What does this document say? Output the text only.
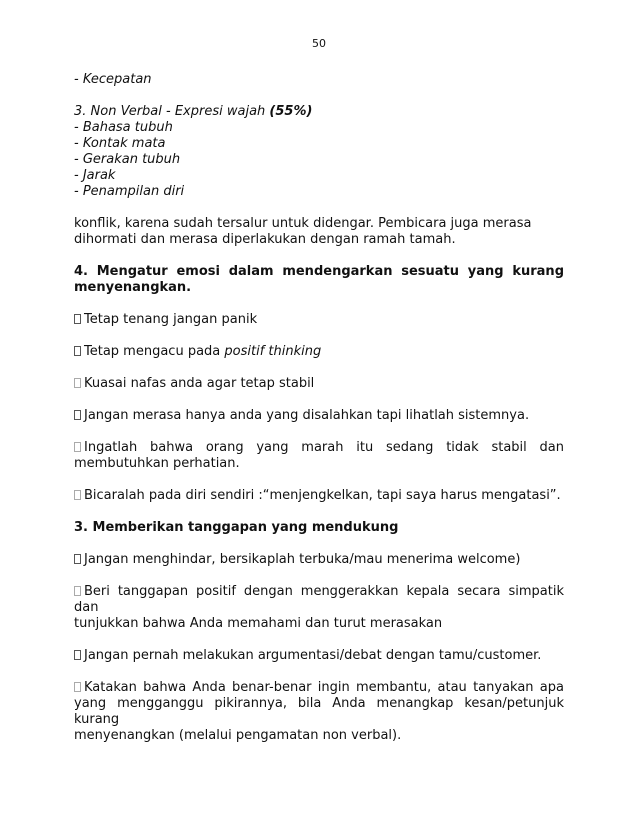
50

- Kecepatan

3. Non Verbal - Expresi wajah (55%)

- Bahasa tubuh

- Kontak mata

- Gerakan tubuh

- Jarak

- Penampilan diri

konflik, karena sudah tersalur untuk didengar. Pembicara juga merasa

dihormati dan merasa diperlakukan dengan ramah tamah.

4. Mengatur emosi dalam mendengarkan sesuatu yang kurang

menyenangkan.

Tetap tenang jangan panik

Tetap mengacu pada positif thinking

Kuasai nafas anda agar tetap stabil

Jangan merasa hanya anda yang disalahkan tapi lihatlah sistemnya.

Ingatlah bahwa orang yang marah itu sedang tidak stabil dan

membutuhkan perhatian.

Bicaralah pada diri sendiri :“menjengkelkan, tapi saya harus mengatasi”.

3. Memberikan tanggapan yang mendukung

Jangan menghindar, bersikaplah terbuka/mau menerima welcome)

Beri tanggapan positif dengan menggerakkan kepala secara simpatik dan

tunjukkan bahwa Anda memahami dan turut merasakan

Jangan pernah melakukan argumentasi/debat dengan tamu/customer.

Katakan bahwa Anda benar-benar ingin membantu, atau tanyakan apa

yang mengganggu pikirannya, bila Anda menangkap kesan/petunjuk kurang

menyenangkan (melalui pengamatan non verbal).
